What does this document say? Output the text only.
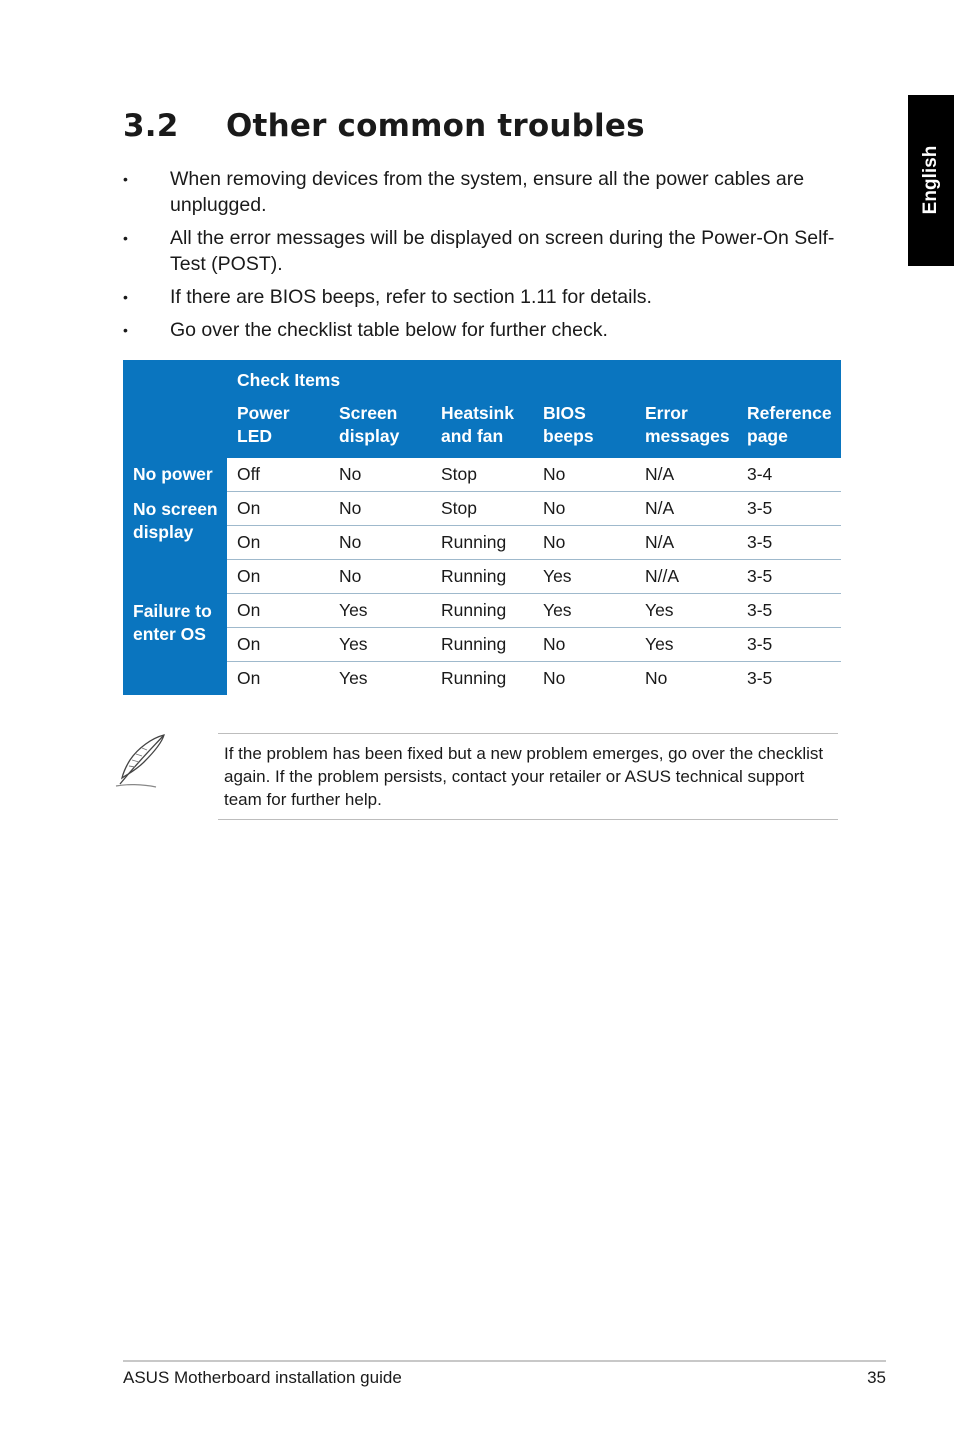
English
3.2 Other common troubles
• When removing devices from the system, ensure all the power cables are unplugged.
• All the error messages will be displayed on screen during the Power-On Self-Test (POST).
• If there are BIOS beeps, refer to section 1.11 for details.
• Go over the checklist table below for further check.
	Check Items					
	Power LED	Screen display	Heatsink and fan	BIOS beeps	Error messages	Reference page
No power	Off	No	Stop	No	N/A	3-4
No screen display	On	No	Stop	No	N/A	3-5
	On	No	Running	No	N/A	3-5
	On	No	Running	Yes	N//A	3-5
Failure to enter OS	On	Yes	Running	Yes	Yes	3-5
	On	Yes	Running	No	Yes	3-5
	On	Yes	Running	No	No	3-5
If the problem has been fixed but a new problem emerges, go over the checklist again. If the problem persists, contact your retailer or ASUS technical support team for further help.
ASUS Motherboard installation guide	35
